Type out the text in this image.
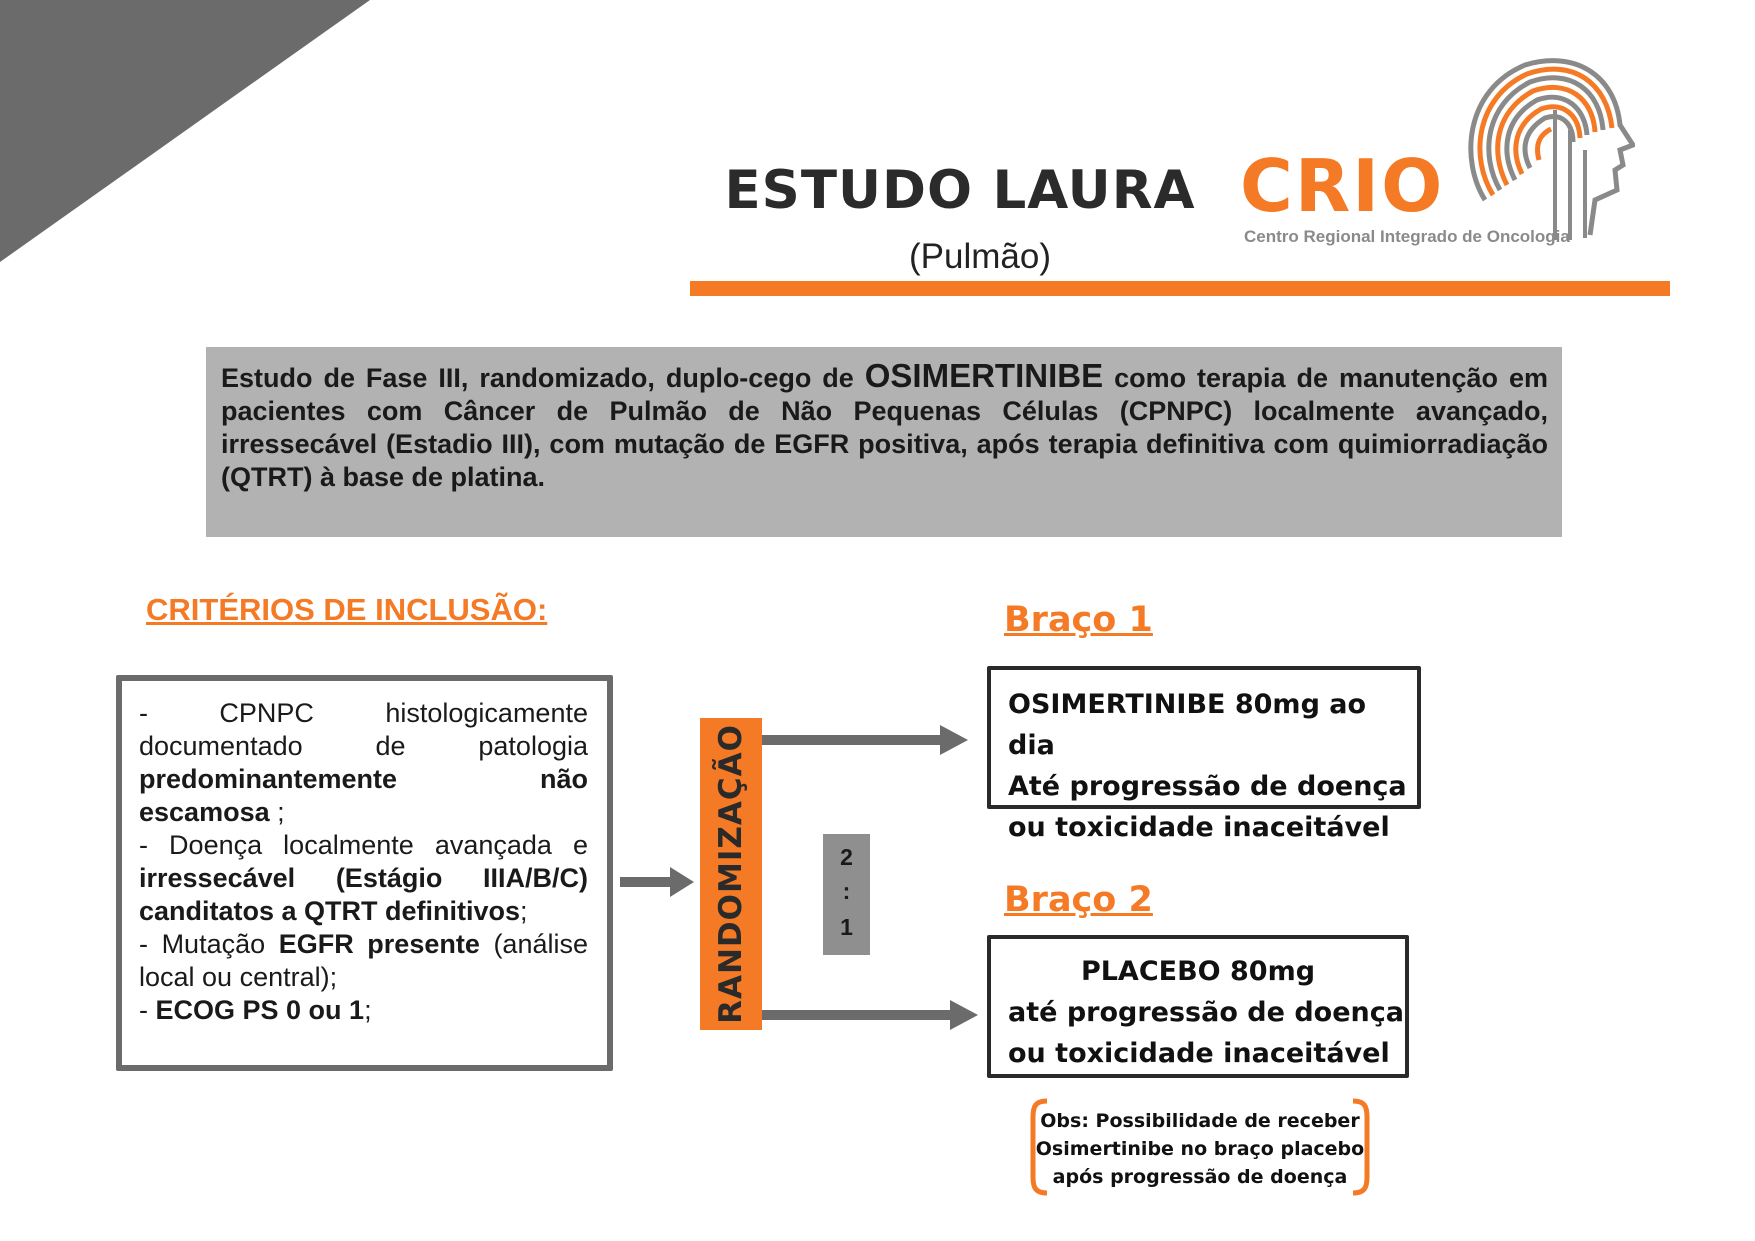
ESTUDO LAURA
(Pulmão)
CRIO
Centro Regional Integrado de Oncologia

Estudo de Fase III, randomizado, duplo-cego de OSIMERTINIBE como terapia de manutenção em pacientes com Câncer de Pulmão de Não Pequenas Células (CPNPC) localmente avançado, irressecável (Estadio III), com mutação de EGFR positiva, após terapia definitiva com quimiorradiação (QTRT) à base de platina.

CRITÉRIOS DE INCLUSÃO:
- CPNPC histologicamente documentado de patologia predominantemente não escamosa ;
- Doença localmente avançada e irressecável (Estágio IIIA/B/C) canditatos a QTRT definitivos;
- Mutação EGFR presente (análise local ou central);
- ECOG PS 0 ou 1;	RANDOMIZAÇÃO	2
:
1
Braço 1
OSIMERTINIBE 80mg ao dia
Até progressão de doença
ou toxicidade inaceitável
Braço 2
PLACEBO 80mg
até progressão de doença
ou toxicidade inaceitável
Obs: Possibilidade de receber
Osimertinibe no braço placebo
após progressão de doença
